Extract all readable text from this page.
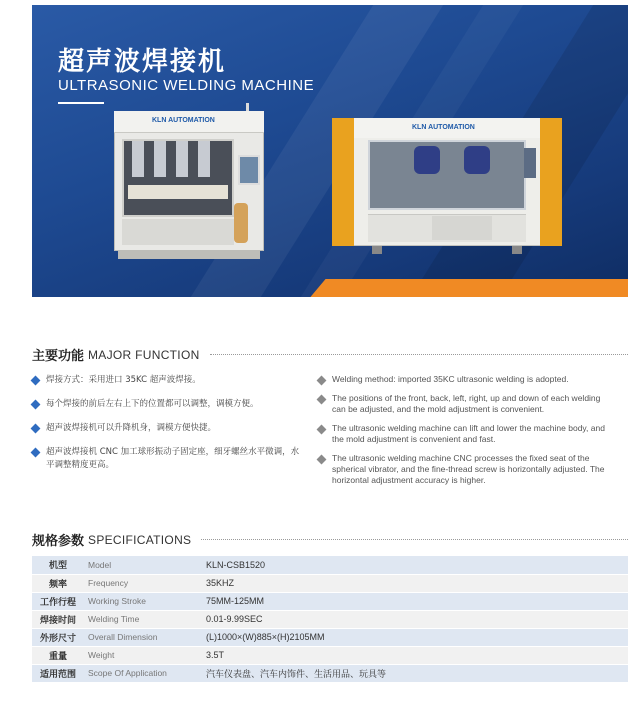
超声波焊接机
ULTRASONIC WELDING MACHINE
KLN AUTOMATION
KLN AUTOMATION
主要功能 MAJOR FUNCTION
焊接方式：采用进口 35KC 超声波焊接。
每个焊接的前后左右上下的位置都可以调整，调模方便。
超声波焊接机可以升降机身，调模方便快捷。
超声波焊接机 CNC 加工球形振动子固定座，细牙螺丝水平微调，水平调整精度更高。
Welding method: imported 35KC ultrasonic welding is adopted.
The positions of the front, back, left, right, up and down of each welding can be adjusted, and the mold adjustment is convenient.
The ultrasonic welding machine can lift and lower the machine body, and the mold adjustment is convenient and fast.
The ultrasonic welding machine CNC processes the fixed seat of the spherical vibrator, and the fine-thread screw is horizontally adjusted. The horizontal adjustment accuracy is higher.
规格参数 SPECIFICATIONS
机型	Model	KLN-CSB1520
频率	Frequency	35KHZ
工作行程	Working Stroke	75MM-125MM
焊接时间	Welding Time	0.01-9.99SEC
外形尺寸	Overall Dimension	(L)1000×(W)885×(H)2105MM
重量	Weight	3.5T
适用范围	Scope Of Application	汽车仪表盘、汽车内饰件、生活用品、玩具等
